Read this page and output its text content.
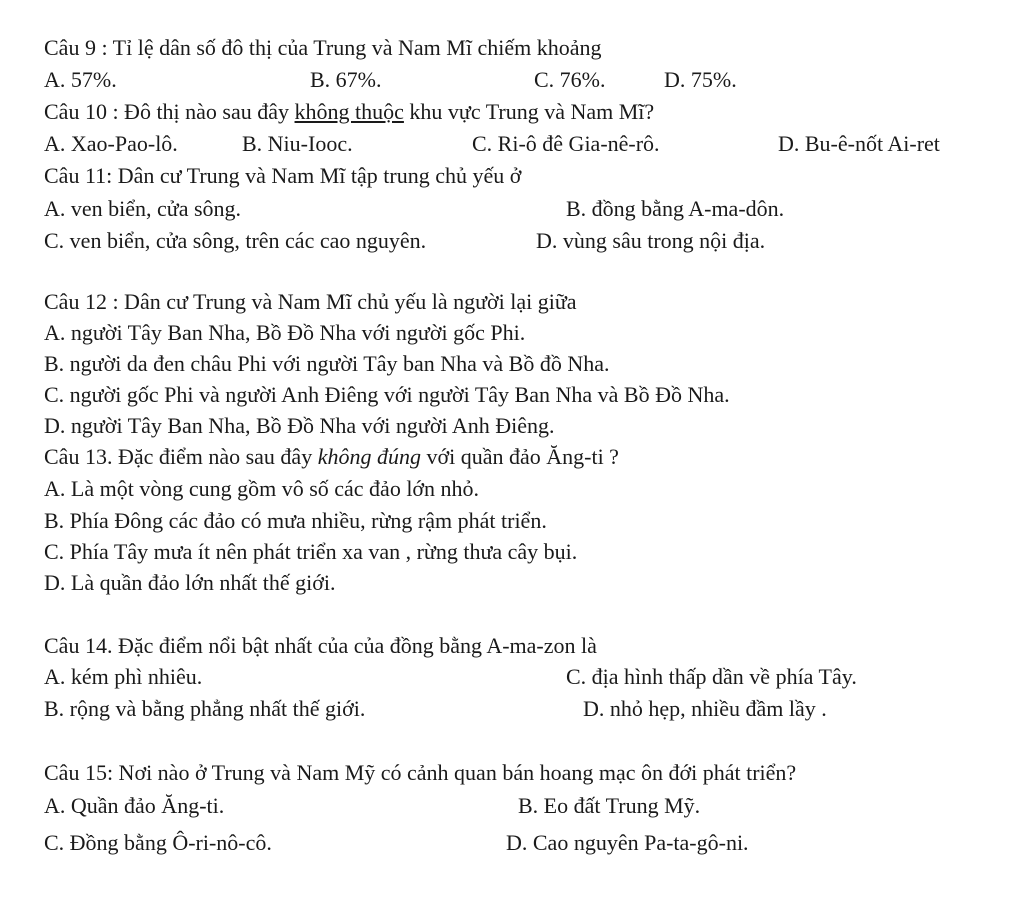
Câu 9 : Tỉ lệ dân số đô thị của Trung và Nam Mĩ chiếm khoảng
A. 57%.	B. 67%.	C. 76%.	D. 75%.
Câu 10 : Đô thị nào sau đây không thuộc khu vực Trung và Nam Mĩ?
A. Xao-Pao-lô.	B. Niu-Iooc.	C. Ri-ô đê Gia-nê-rô.	D. Bu-ê-nốt Ai-ret
Câu 11: Dân cư Trung và Nam Mĩ tập trung chủ yếu ở
A. ven biển, cửa sông.	B. đồng bằng A-ma-dôn.
C. ven biển, cửa sông, trên các cao nguyên.	D. vùng sâu trong nội địa.
Câu 12 : Dân cư Trung và Nam Mĩ chủ yếu là người lại giữa
A. người Tây Ban Nha, Bồ Đồ Nha với người gốc Phi.
B. người da đen châu Phi với người Tây ban Nha và Bồ đồ Nha.
C. người gốc Phi và người Anh Điêng với người Tây Ban Nha và Bồ Đồ Nha.
D. người Tây Ban Nha, Bồ Đồ Nha với người Anh Điêng.
Câu 13. Đặc điểm nào sau đây không đúng với quần đảo Ăng-ti ?
A. Là một vòng cung gồm vô số các đảo lớn nhỏ.
B. Phía Đông các đảo có mưa nhiều, rừng rậm phát triển.
C. Phía Tây mưa ít nên phát triển xa van , rừng thưa cây bụi.
D. Là quần đảo lớn nhất thế giới.
Câu 14. Đặc điểm nổi bật nhất của của đồng bằng A-ma-zon là
A. kém phì nhiêu.	C. địa hình thấp dần về phía Tây.
B. rộng và bằng phẳng nhất thế giới.	D. nhỏ hẹp, nhiều đầm lầy .
Câu 15: Nơi nào ở Trung và Nam Mỹ có cảnh quan bán hoang mạc ôn đới phát triển?
A. Quần đảo Ăng-ti.	B. Eo đất Trung Mỹ.
C. Đồng bằng Ô-ri-nô-cô.	D. Cao nguyên Pa-ta-gô-ni.
